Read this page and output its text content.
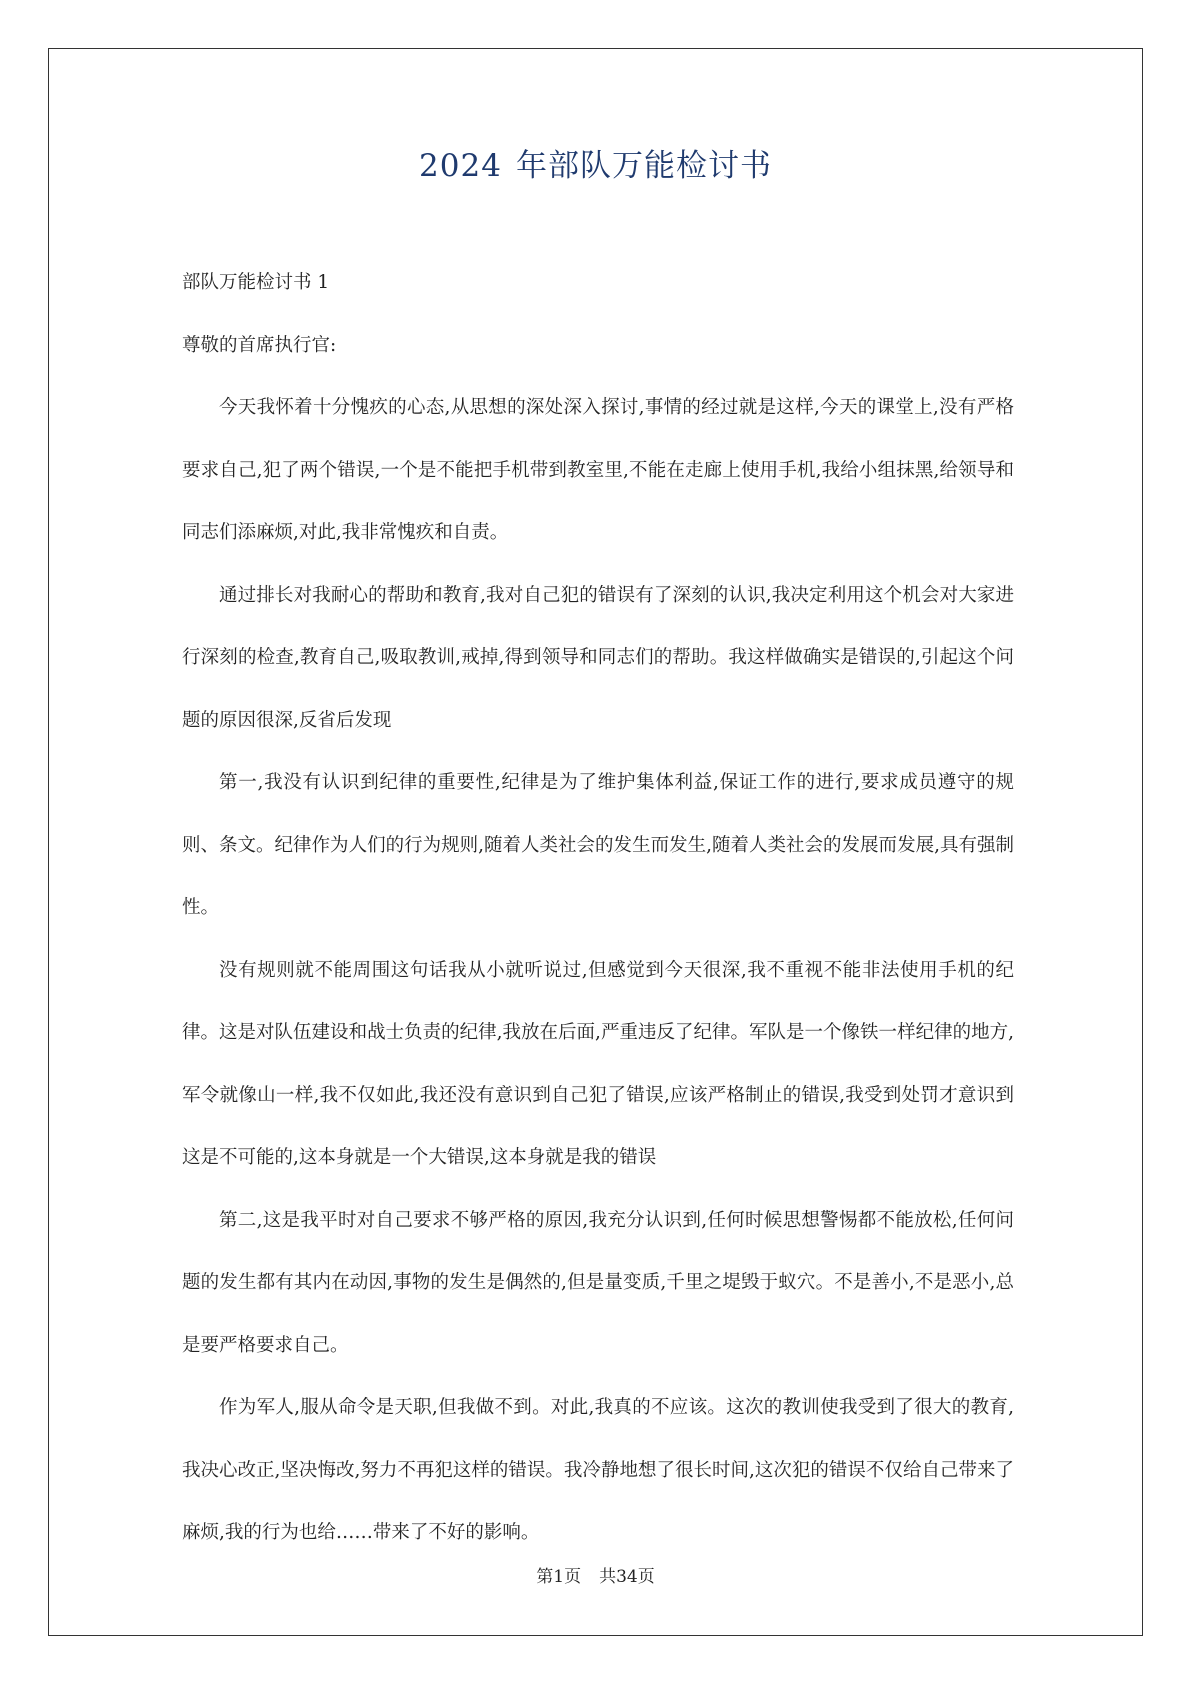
2024 年部队万能检讨书

部队万能检讨书 1

尊敬的首席执行官:

今天我怀着十分愧疚的心态,从思想的深处深入探讨,事情的经过就是这样,今天的课堂上,没有严格要求自己,犯了两个错误,一个是不能把手机带到教室里,不能在走廊上使用手机,我给小组抹黑,给领导和同志们添麻烦,对此,我非常愧疚和自责。

通过排长对我耐心的帮助和教育,我对自己犯的错误有了深刻的认识,我决定利用这个机会对大家进行深刻的检查,教育自己,吸取教训,戒掉,得到领导和同志们的帮助。我这样做确实是错误的,引起这个问题的原因很深,反省后发现

第一,我没有认识到纪律的重要性,纪律是为了维护集体利益,保证工作的进行,要求成员遵守的规则、条文。纪律作为人们的行为规则,随着人类社会的发生而发生,随着人类社会的发展而发展,具有强制性。

没有规则就不能周围这句话我从小就听说过,但感觉到今天很深,我不重视不能非法使用手机的纪律。这是对队伍建设和战士负责的纪律,我放在后面,严重违反了纪律。军队是一个像铁一样纪律的地方,军令就像山一样,我不仅如此,我还没有意识到自己犯了错误,应该严格制止的错误,我受到处罚才意识到这是不可能的,这本身就是一个大错误,这本身就是我的错误

第二,这是我平时对自己要求不够严格的原因,我充分认识到,任何时候思想警惕都不能放松,任何问题的发生都有其内在动因,事物的发生是偶然的,但是量变质,千里之堤毁于蚁穴。不是善小,不是恶小,总是要严格要求自己。

作为军人,服从命令是天职,但我做不到。对此,我真的不应该。这次的教训使我受到了很大的教育,我决心改正,坚决悔改,努力不再犯这样的错误。我冷静地想了很长时间,这次犯的错误不仅给自己带来了麻烦,我的行为也给……带来了不好的影响。

第1页 共34页
